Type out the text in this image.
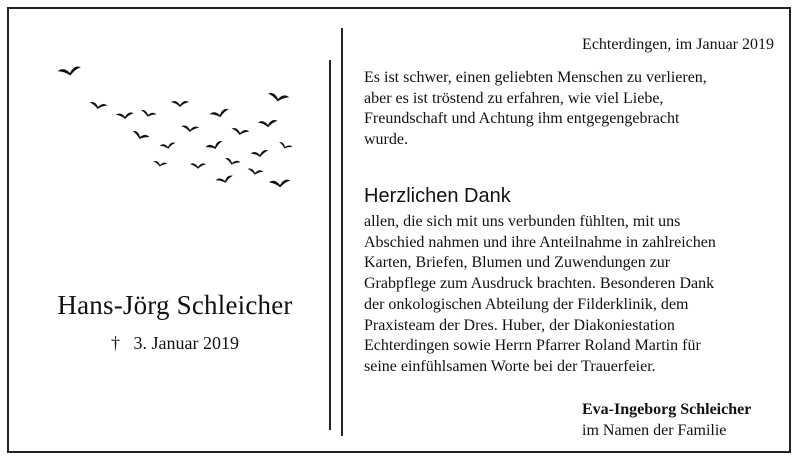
Hans-Jörg Schleicher
† 3. Januar 2019
Echterdingen, im Januar 2019

Es ist schwer, einen geliebten Menschen zu verlieren,
aber es ist tröstend zu erfahren, wie viel Liebe,
Freundschaft und Achtung ihm entgegengebracht
wurde.

Herzlichen Dank

allen, die sich mit uns verbunden fühlten, mit uns
Abschied nahmen und ihre Anteilnahme in zahlreichen
Karten, Briefen, Blumen und Zuwendungen zur
Grabpflege zum Ausdruck brachten. Besonderen Dank
der onkologischen Abteilung der Filderklinik, dem
Praxisteam der Dres. Huber, der Diakoniestation
Echterdingen sowie Herrn Pfarrer Roland Martin für
seine einfühlsamen Worte bei der Trauerfeier.

Eva-Ingeborg Schleicher
im Namen der Familie
